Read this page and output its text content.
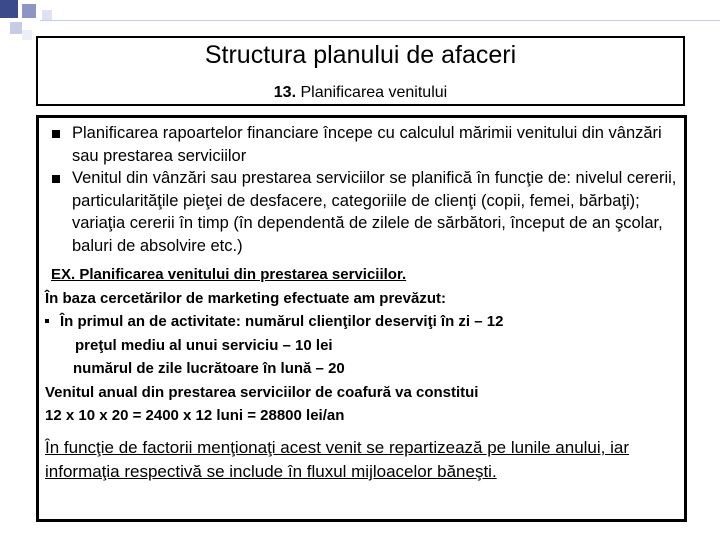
Structura planului de afaceri
13. Planificarea venitului
Planificarea rapoartelor financiare începe cu calculul mărimii venitului din vânzări sau prestarea serviciilor
Venitul din vânzări sau prestarea serviciilor se planifică în funcţie de: nivelul cererii, particularităţile pieţei de desfacere, categoriile de clienţi (copii, femei, bărbaţi); variaţia cererii în timp (în dependentă de zilele de sărbători, început de an şcolar, baluri de absolvire etc.)
EX. Planificarea venitului din prestarea serviciilor.
În baza cercetărilor de marketing efectuate am prevăzut:
În primul an de activitate: numărul clienţilor deserviţi în zi – 12
preţul mediu al unui serviciu – 10 lei
numărul de zile lucrătoare în lună – 20
Venitul anual din prestarea serviciilor de coafură va constitui
12 x 10 x 20 = 2400 x 12 luni = 28800 lei/an
În funcţie de factorii menţionaţi acest venit se repartizează pe lunile anului, iar informaţia respectivă se include în fluxul mijloacelor băneşti.
